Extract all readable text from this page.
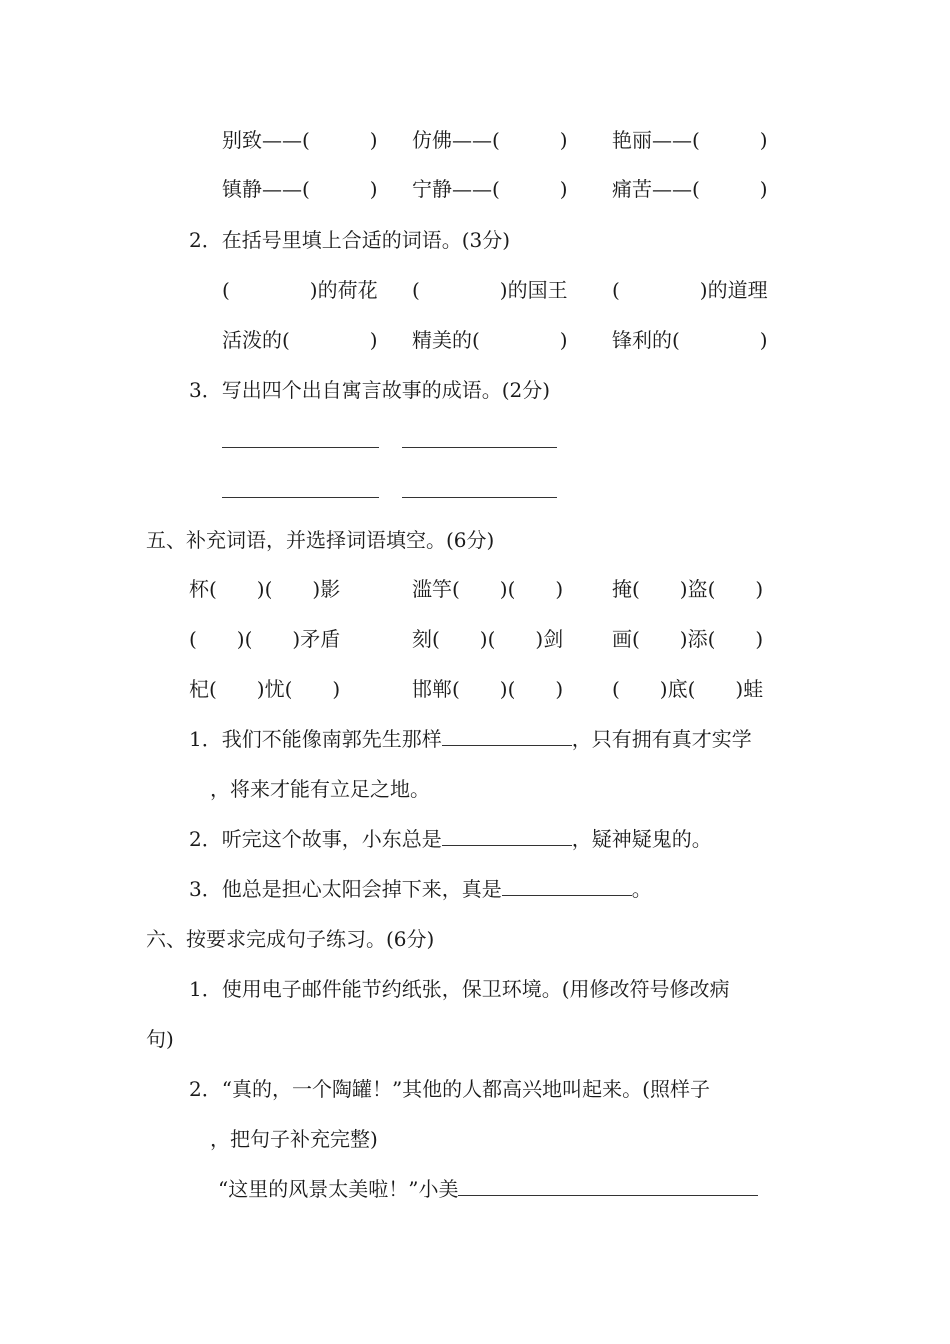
别致——(　　　) 仿佛——(　　　) 艳丽——(　　　)
镇静——(　　　) 宁静——(　　　) 痛苦——(　　　)
2．在括号里填上合适的词语。(3分)
(　　　　)的荷花 (　　　　)的国王 (　　　　)的道理
活泼的(　　　　) 精美的(　　　　) 锋利的(　　　　)
3．写出四个出自寓言故事的成语。(2分)
五、补充词语，并选择词语填空。(6分)
杯(　　)(　　)影	滥竽(　　)(　　) 掩(　　)盗(　　)
(　　)(　　)矛盾	刻(　　)(　　)剑 画(　　)添(　　)
杞(　　)忧(　　)	邯郸(　　)(　　) (　　)底(　　)蛙
1．我们不能像南郭先生那样	，只有拥有真才实学
，将来才能有立足之地。
2．听完这个故事，小东总是	，疑神疑鬼的。
3．他总是担心太阳会掉下来，真是	。
六、按要求完成句子练习。(6分)
1．使用电子邮件能节约纸张，保卫环境。(用修改符号修改病
句)
2．“真的，一个陶罐！”其他的人都高兴地叫起来。(照样子
，把句子补充完整)
“这里的风景太美啦！”小美
